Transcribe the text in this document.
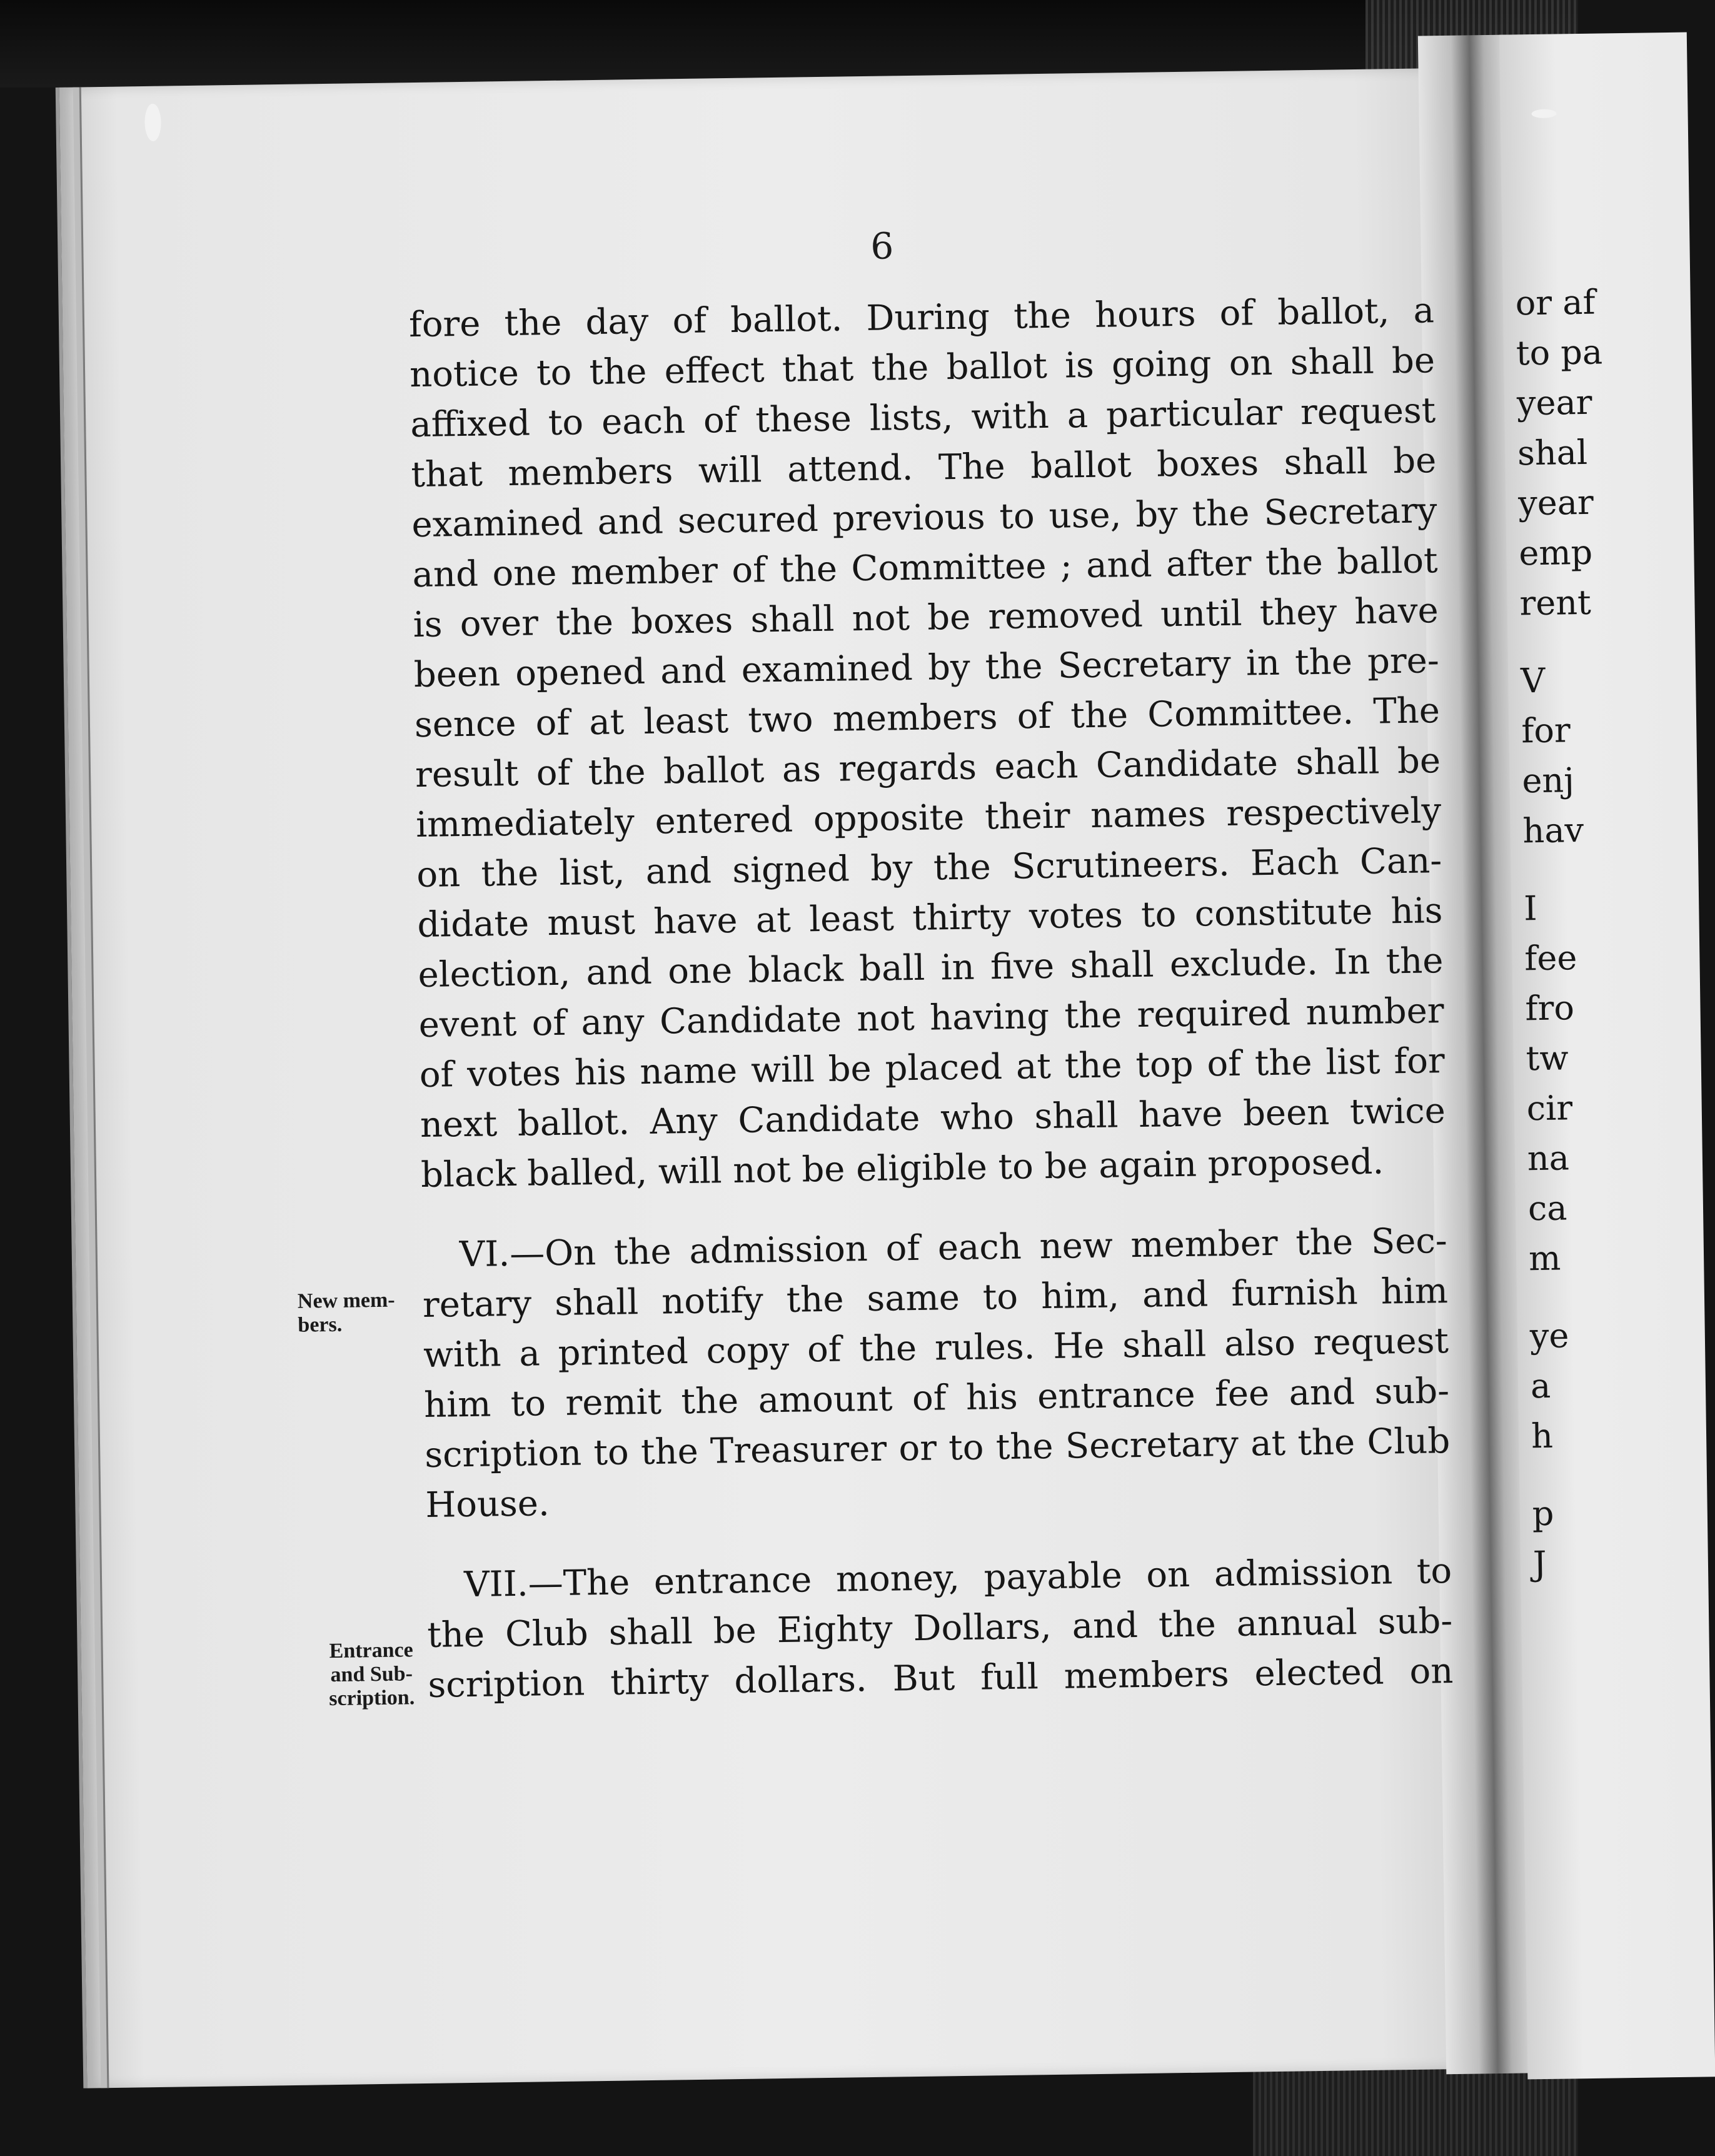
6
fore the day of ballot. During the hours of ballot, a
notice to the effect that the ballot is going on shall be
affixed to each of these lists, with a particular request
that members will attend. The ballot boxes shall be
examined and secured previous to use, by the Secretary
and one member of the Committee ; and after the ballot
is over the boxes shall not be removed until they have
been opened and examined by the Secretary in the pre-
sence of at least two members of the Committee. The
result of the ballot as regards each Candidate shall be
immediately entered opposite their names respectively
on the list, and signed by the Scrutineers. Each Can-
didate must have at least thirty votes to constitute his
election, and one black ball in five shall exclude. In the
event of any Candidate not having the required number
of votes his name will be placed at the top of the list for
next ballot. Any Candidate who shall have been twice
black balled, will not be eligible to be again proposed.
VI.—On the admission of each new member the Sec-
retary shall notify the same to him, and furnish him
with a printed copy of the rules. He shall also request
him to remit the amount of his entrance fee and sub-
scription to the Treasurer or to the Secretary at the Club
House.
VII.—The entrance money, payable on admission to
the Club shall be Eighty Dollars, and the annual sub-
scription thirty dollars. But full members elected on
New mem-
bers.
Entrance
and Sub-
scription.
or af
to pa
year
shal
year
emp
rent
V
for
enj
hav
I
fee
fro
tw
cir
na
ca
m
ye
a
h
p
J
